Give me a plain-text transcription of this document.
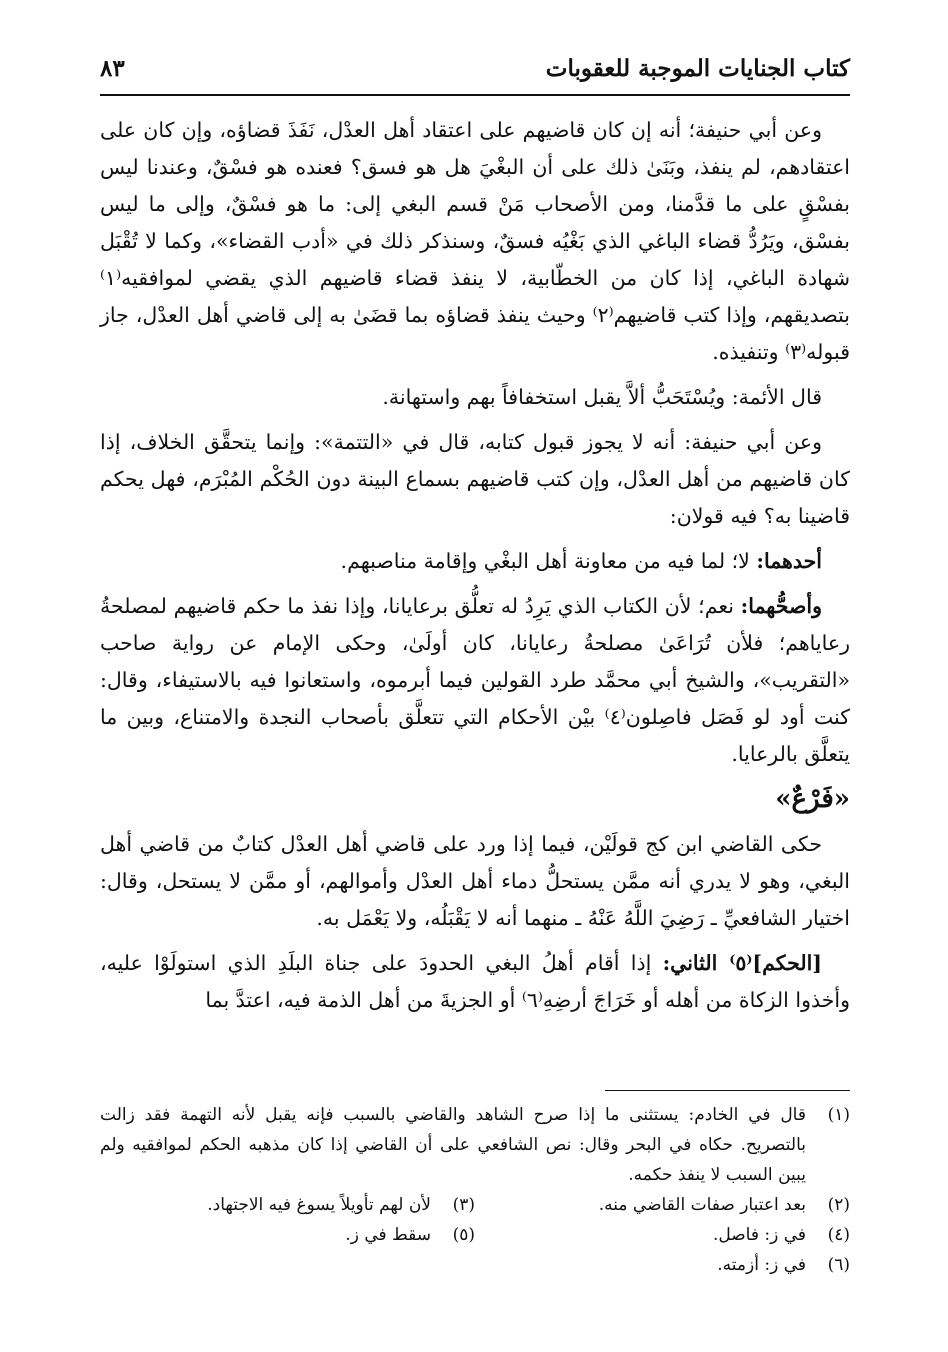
كتاب الجنايات الموجبة للعقوبات
٨٣

وعن أبي حنيفة؛ أنه إن كان قاضيهم على اعتقاد أهل العدْل، نَفَذَ قضاؤه، وإن كان على اعتقادهم، لم ينفذ، وبَنَىٰ ذلك على أن البغْيَ هل هو فسق؟ فعنده هو فسْقٌ، وعندنا ليس بفسْقٍ على ما قدَّمنا، ومن الأصحاب مَنْ قسم البغي إلى: ما هو فسْقٌ، وإلى ما ليس بفسْق، ويَرُدُّ قضاء الباغي الذي بَغْيُه فسقٌ، وسنذكر ذلك في «أدب القضاء»، وكما لا تُقْبَل شهادة الباغي، إذا كان من الخطّابية، لا ينفذ قضاء قاضيهم الذي يقضي لموافقيه⁽١⁾ بتصديقهم، وإذا كتب قاضيهم⁽٢⁾ وحيث ينفذ قضاؤه بما قضَىٰ به إلى قاضي أهل العدْل، جاز قبوله⁽٣⁾ وتنفيذه.

قال الأئمة: ويُسْتَحَبُّ ألاَّ يقبل استخفافاً بهم واستهانة.

وعن أبي حنيفة: أنه لا يجوز قبول كتابه، قال في «التتمة»: وإنما يتحقَّق الخلاف، إذا كان قاضيهم من أهل العدْل، وإن كتب قاضيهم بسماع البينة دون الحُكْم المُبْرَم، فهل يحكم قاضينا به؟ فيه قولان:

أحدهما: لا؛ لما فيه من معاونة أهل البغْي وإقامة مناصبهم.

وأصحُّهما: نعم؛ لأن الكتاب الذي يَرِدُ له تعلُّق برعايانا، وإذا نفذ ما حكم قاضيهم لمصلحةُ رعاياهم؛ فلأن تُرَاعَىٰ مصلحةُ رعايانا، كان أولَىٰ، وحكى الإمام عن رواية صاحب «التقريب»، والشيخ أبي محمَّد طرد القولين فيما أبرموه، واستعانوا فيه بالاستيفاء، وقال: كنت أود لو فَصَل فاصِلون⁽٤⁾ بيْن الأحكام التي تتعلَّق بأصحاب النجدة والامتناع، وبين ما يتعلَّق بالرعايا.

«فَرْعٌ»

حكى القاضي ابن كج قولَيْن، فيما إذا ورد على قاضي أهل العدْل كتابٌ من قاضي أهل البغي، وهو لا يدري أنه ممَّن يستحلُّ دماء أهل العدْل وأموالهم، أو ممَّن لا يستحل، وقال: اختيار الشافعيِّ ـ رَضِيَ اللَّهُ عَنْهُ ـ منهما أنه لا يَقْبَلُه، ولا يَعْمَل به.

[الحكم]⁽٥⁾ الثاني: إذا أقام أهلُ البغي الحدودَ على جناة البلَدِ الذي استولَوْا عليه، وأخذوا الزكاة من أهله أو خَرَاجَ أرضِهِ⁽٦⁾ أو الجزيةَ من أهل الذمة فيه، اعتدَّ بما

(١)
قال في الخادم: يستثنى ما إذا صرح الشاهد والقاضي بالسبب فإنه يقبل لأنه التهمة فقد زالت بالتصريح. حكاه في البحر وقال: نص الشافعي على أن القاضي إذا كان مذهبه الحكم لموافقيه ولم يبين السبب لا ينفذ حكمه.
(٢)
بعد اعتبار صفات القاضي منه.
(٣)
لأن لهم تأويلاً يسوغ فيه الاجتهاد.
(٤)
في ز: فاصل.
(٥)
سقط في ز.
(٦)
في ز: أزمته.
